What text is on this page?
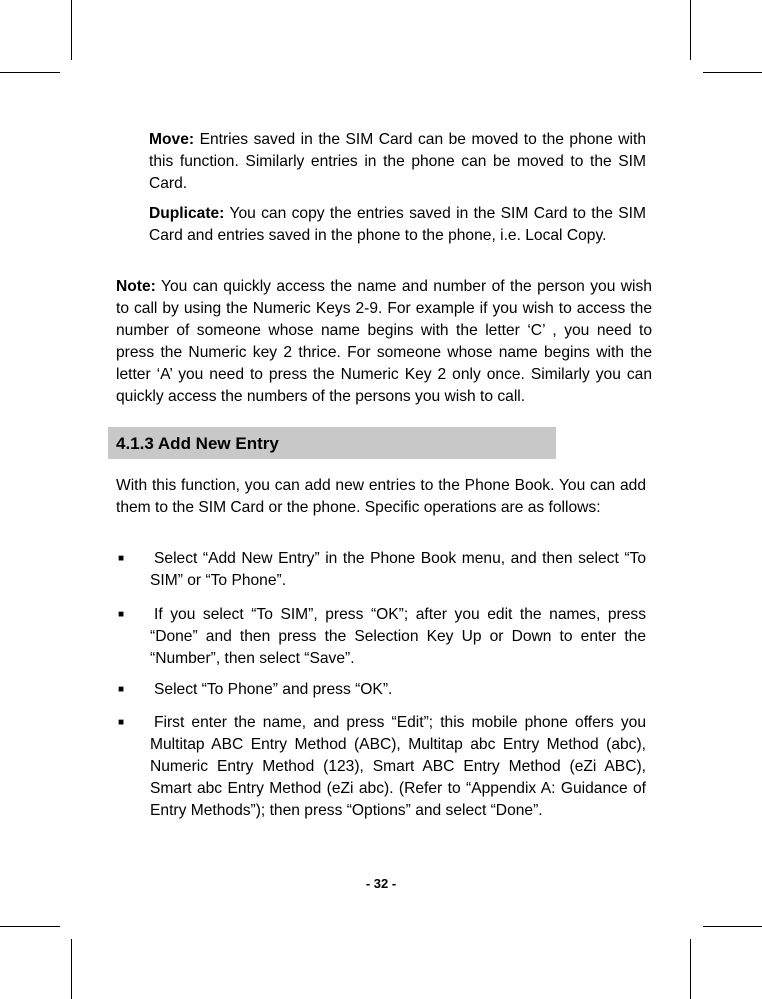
Move: Entries saved in the SIM Card can be moved to the phone with this function. Similarly entries in the phone can be moved to the SIM Card.

Duplicate: You can copy the entries saved in the SIM Card to the SIM Card and entries saved in the phone to the phone, i.e. Local Copy.

Note: You can quickly access the name and number of the person you wish to call by using the Numeric Keys 2-9. For example if you wish to access the number of someone whose name begins with the letter ‘C’ , you need to press the Numeric key 2 thrice. For someone whose name begins with the letter ‘A’ you need to press the Numeric Key 2 only once. Similarly you can quickly access the numbers of the persons you wish to call.

4.1.3 Add New Entry

With this function, you can add new entries to the Phone Book. You can add them to the SIM Card or the phone. Specific operations are as follows:

■ Select “Add New Entry” in the Phone Book menu, and then select “To SIM” or “To Phone”.

■ If you select “To SIM”, press “OK”; after you edit the names, press “Done” and then press the Selection Key Up or Down to enter the “Number”, then select “Save”.

■ Select “To Phone” and press “OK”.

■ First enter the name, and press “Edit”; this mobile phone offers you Multitap ABC Entry Method (ABC), Multitap abc Entry Method (abc), Numeric Entry Method (123), Smart ABC Entry Method (eZi ABC), Smart abc Entry Method (eZi abc). (Refer to “Appendix A: Guidance of Entry Methods”); then press “Options” and select “Done”.

- 32 -
